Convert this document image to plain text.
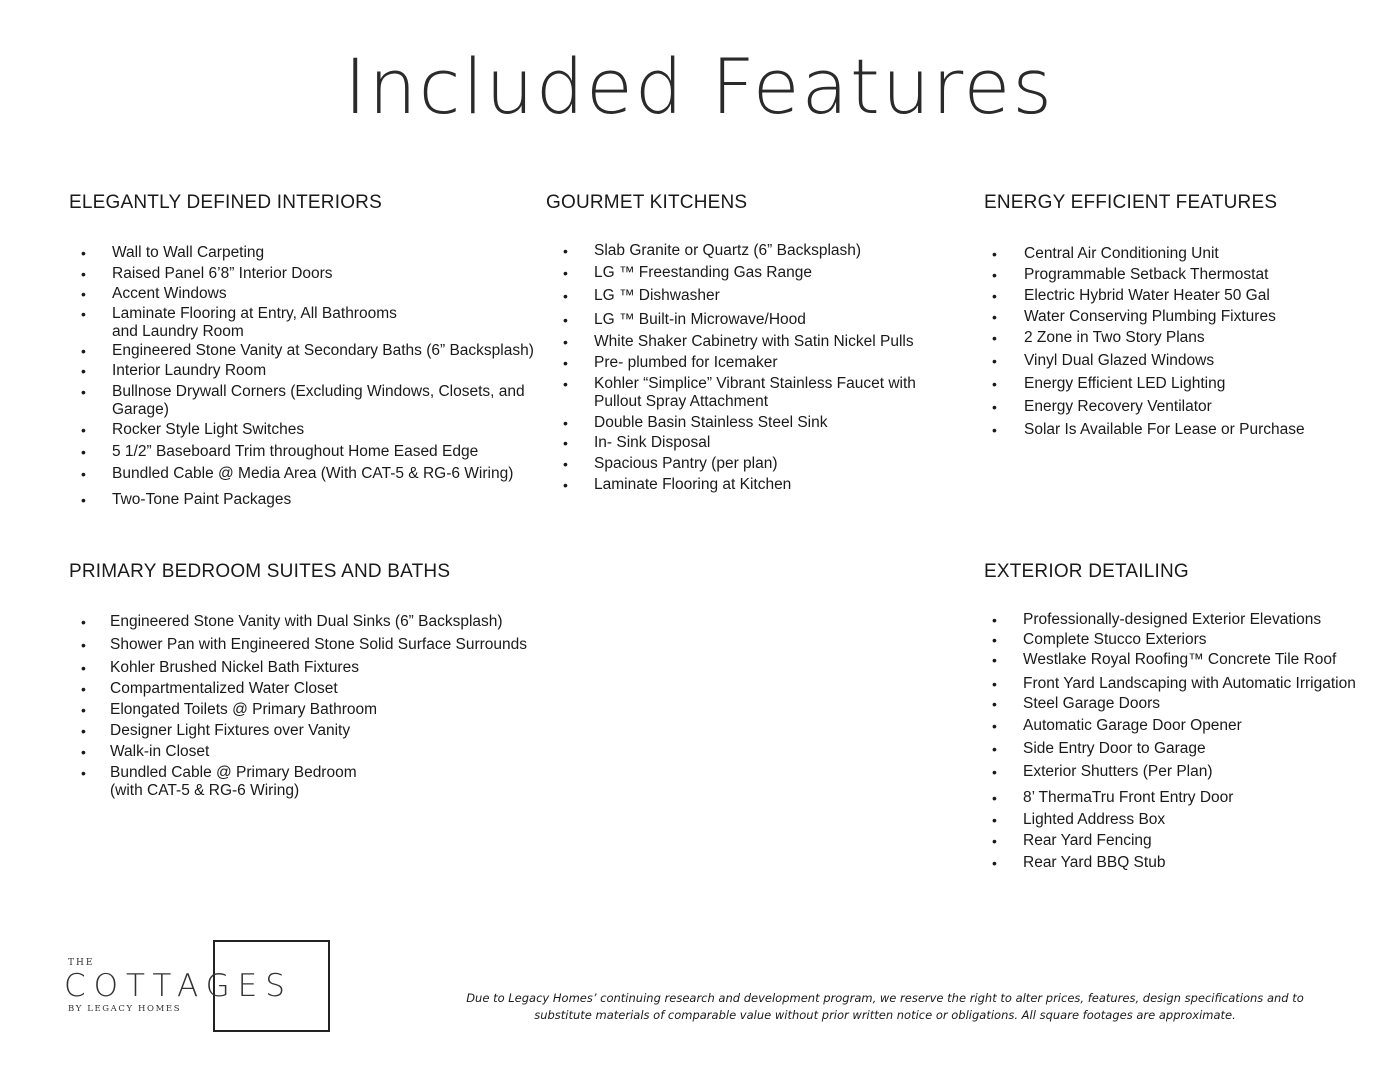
Included Features
ELEGANTLY DEFINED INTERIORS
• Wall to Wall Carpeting
• Raised Panel 6’8” Interior Doors
• Accent Windows
• Laminate Flooring at Entry, All Bathrooms and Laundry Room
• Engineered Stone Vanity at Secondary Baths (6” Backsplash)
• Interior Laundry Room
• Bullnose Drywall Corners (Excluding Windows, Closets, and Garage)
• Rocker Style Light Switches
• 5 1/2” Baseboard Trim throughout Home Eased Edge
• Bundled Cable @ Media Area (With CAT-5 & RG-6 Wiring)
• Two-Tone Paint Packages
GOURMET KITCHENS
• Slab Granite or Quartz (6” Backsplash)
• LG ™ Freestanding Gas Range
• LG ™ Dishwasher
• LG ™ Built-in Microwave/Hood
• White Shaker Cabinetry with Satin Nickel Pulls
• Pre- plumbed for Icemaker
• Kohler “Simplice” Vibrant Stainless Faucet with Pullout Spray Attachment
• Double Basin Stainless Steel Sink
• In- Sink Disposal
• Spacious Pantry (per plan)
• Laminate Flooring at Kitchen
ENERGY EFFICIENT FEATURES
• Central Air Conditioning Unit
• Programmable Setback Thermostat
• Electric Hybrid Water Heater 50 Gal
• Water Conserving Plumbing Fixtures
• 2 Zone in Two Story Plans
• Vinyl Dual Glazed Windows
• Energy Efficient LED Lighting
• Energy Recovery Ventilator
• Solar Is Available For Lease or Purchase
PRIMARY BEDROOM SUITES AND BATHS
• Engineered Stone Vanity with Dual Sinks (6” Backsplash)
• Shower Pan with Engineered Stone Solid Surface Surrounds
• Kohler Brushed Nickel Bath Fixtures
• Compartmentalized Water Closet
• Elongated Toilets @ Primary Bathroom
• Designer Light Fixtures over Vanity
• Walk-in Closet
• Bundled Cable @ Primary Bedroom (with CAT-5 & RG-6 Wiring)
EXTERIOR DETAILING
• Professionally-designed Exterior Elevations
• Complete Stucco Exteriors
• Westlake Royal Roofing™ Concrete Tile Roof
• Front Yard Landscaping with Automatic Irrigation
• Steel Garage Doors
• Automatic Garage Door Opener
• Side Entry Door to Garage
• Exterior Shutters (Per Plan)
• 8’ ThermaTru Front Entry Door
• Lighted Address Box
• Rear Yard Fencing
• Rear Yard BBQ Stub
THE
COTTAGES
BY LEGACY HOMES
Due to Legacy Homes’ continuing research and development program, we reserve the right to alter prices, features, design specifications and to substitute materials of comparable value without prior written notice or obligations. All square footages are approximate.
